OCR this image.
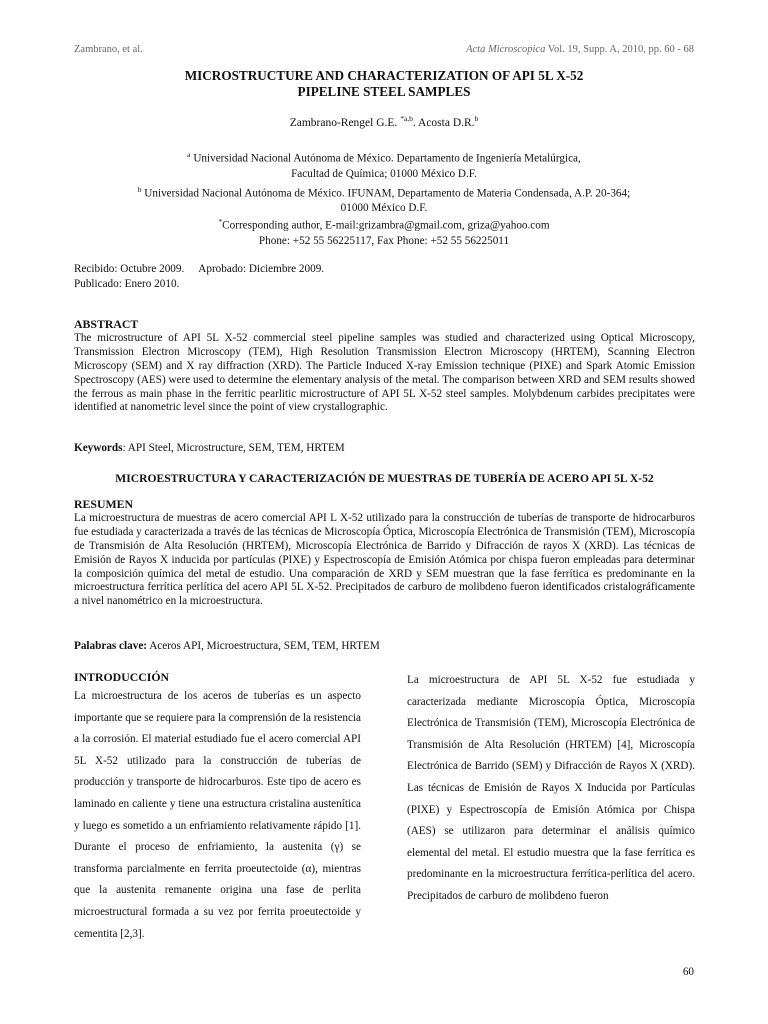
Zambrano, et al.	Acta Microscopica Vol. 19, Supp. A, 2010, pp. 60 - 68
MICROSTRUCTURE AND CHARACTERIZATION OF API 5L X-52
PIPELINE STEEL SAMPLES
Zambrano-Rengel G.E. $^{*a,b}$. Acosta D.R.$^b$
$^a$ Universidad Nacional Autónoma de México. Departamento de Ingeniería Metalúrgica,
Facultad de Química; 01000 México D.F.
$^b$ Universidad Nacional Autónoma de México. IFUNAM, Departamento de Materia Condensada, A.P. 20-364;
01000 México D.F.
*Corresponding author, E-mail:grizambra@gmail.com, griza@yahoo.com
Phone: +52 55 56225117, Fax Phone: +52 55 56225011
Recibido: Octubre 2009. Aprobado: Diciembre 2009.
Publicado: Enero 2010.
ABSTRACT

The microstructure of API 5L X-52 commercial steel pipeline samples was studied and characterized using Optical Microscopy, Transmission Electron Microscopy (TEM), High Resolution Transmission Electron Microscopy (HRTEM), Scanning Electron Microscopy (SEM) and X ray diffraction (XRD). The Particle Induced X-ray Emission technique (PIXE) and Spark Atomic Emission Spectroscopy (AES) were used to determine the elementary analysis of the metal. The comparison between XRD and SEM results showed the ferrous as main phase in the ferritic pearlitic microstructure of API 5L X-52 steel samples. Molybdenum carbides precipitates were identified at nanometric level since the point of view crystallographic.

Keywords: API Steel, Microstructure, SEM, TEM, HRTEM
MICROESTRUCTURA Y CARACTERIZACIÓN DE MUESTRAS DE TUBERÍA DE ACERO API 5L X-52
RESUMEN

La microestructura de muestras de acero comercial API L X-52 utilizado para la construcción de tuberías de transporte de hidrocarburos fue estudiada y caracterizada a través de las técnicas de Microscopía Óptica, Microscopía Electrónica de Transmisión (TEM), Microscopía de Transmisión de Alta Resolución (HRTEM), Microscopía Electrónica de Barrido y Difracción de rayos X (XRD). Las técnicas de Emisión de Rayos X inducida por partículas (PIXE) y Espectroscopía de Emisión Atómica por chispa fueron empleadas para determinar la composición química del metal de estudio. Una comparación de XRD y SEM muestran que la fase ferrítica es predominante en la microestructura ferrítica perlítica del acero API 5L X-52. Precipitados de carburo de molibdeno fueron identificados cristalográficamente a nivel nanométrico en la microestructura.

Palabras clave: Aceros API, Microestructura, SEM, TEM, HRTEM
INTRODUCCIÓN
La microestructura de los aceros de tuberías es un aspecto importante que se requiere para la comprensión de la resistencia a la corrosión. El material estudiado fue el acero comercial API 5L X-52 utilizado para la construcción de tuberías de producción y transporte de hidrocarburos. Este tipo de acero es laminado en caliente y tiene una estructura cristalina austenítica y luego es sometido a un enfriamiento relativamente rápido [1]. Durante el proceso de enfriamiento, la austenita (γ) se transforma parcialmente en ferrita proeutectoide (α), mientras que la austenita remanente origina una fase de perlita microestructural formada a su vez por ferrita proeutectoide y cementita [2,3].
La microestructura de API 5L X-52 fue estudiada y caracterizada mediante Microscopía Óptica, Microscopía Electrónica de Transmisión (TEM), Microscopía Electrónica de Transmisión de Alta Resolución (HRTEM) [4], Microscopía Electrónica de Barrido (SEM) y Difracción de Rayos X (XRD). Las técnicas de Emisión de Rayos X Inducida por Partículas (PIXE) y Espectroscopía de Emisión Atómica por Chispa (AES) se utilizaron para determinar el análisis químico elemental del metal. El estudio muestra que la fase ferrítica es predominante en la microestructura ferrítica-perlítica del acero. Precipitados de carburo de molibdeno fueron
60
